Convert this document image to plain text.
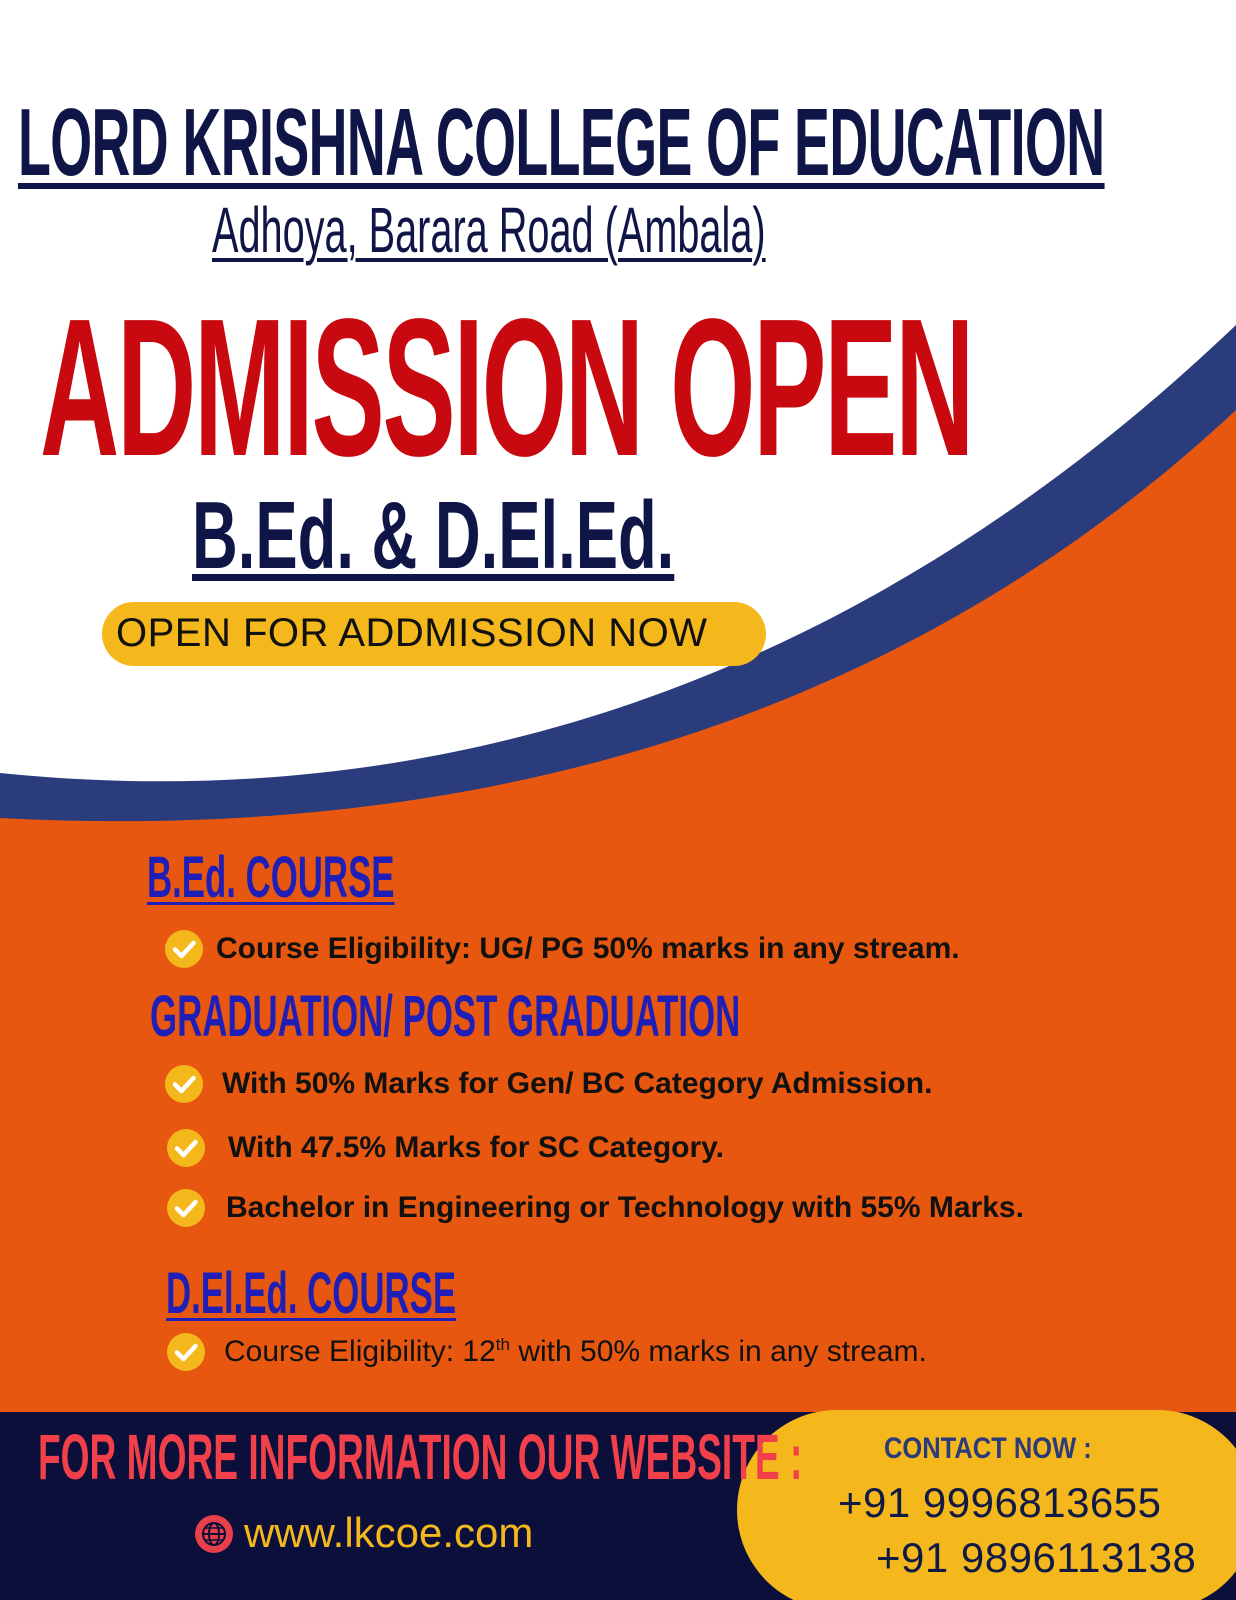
LORD KRISHNA COLLEGE OF EDUCATION
Adhoya, Barara Road (Ambala)
ADMISSION OPEN
B.Ed. & D.El.Ed.
OPEN FOR ADDMISSION NOW
B.Ed. COURSE
Course Eligibility: UG/ PG 50% marks in any stream.
GRADUATION/ POST GRADUATION
With 50% Marks for Gen/ BC Category Admission.
With 47.5% Marks for SC Category.
Bachelor in Engineering or Technology with 55% Marks.
D.El.Ed. COURSE
Course Eligibility: 12th with 50% marks in any stream.
FOR MORE INFORMATION OUR WEBSITE :
www.lkcoe.com
CONTACT NOW :
+91 9996813655
+91 9896113138
